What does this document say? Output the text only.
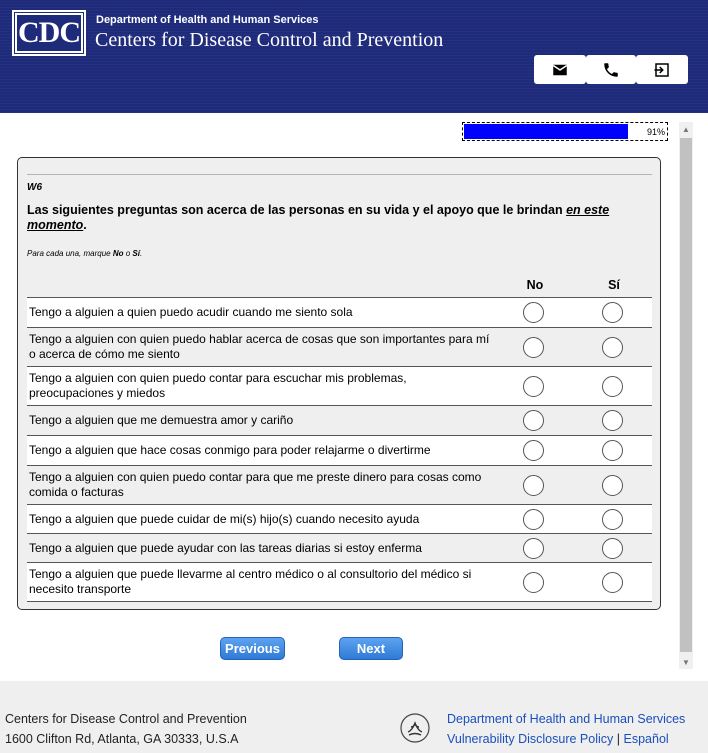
CDC Department of Health and Human Services
Centers for Disease Control and Prevention
91%	▲
▼
W6
Las siguientes preguntas son acerca de las personas en su vida y el apoyo que le brindan en este momento.
Para cada una, marque No o Sí.
No	Sí
Tengo a alguien a quien puedo acudir cuando me siento sola
Tengo a alguien con quien puedo hablar acerca de cosas que son importantes para mí o acerca de cómo me siento
Tengo a alguien con quien puedo contar para escuchar mis problemas, preocupaciones y miedos
Tengo a alguien que me demuestra amor y cariño
Tengo a alguien que hace cosas conmigo para poder relajarme o divertirme
Tengo a alguien con quien puedo contar para que me preste dinero para cosas como comida o facturas
Tengo a alguien que puede cuidar de mi(s) hijo(s) cuando necesito ayuda
Tengo a alguien que puede ayudar con las tareas diarias si estoy enferma
Tengo a alguien que puede llevarme al centro médico o al consultorio del médico si necesito transporte
Previous	Next
Centers for Disease Control and Prevention
1600 Clifton Rd, Atlanta, GA 30333, U.S.A
Department of Health and Human Services
Vulnerability Disclosure Policy | Español
